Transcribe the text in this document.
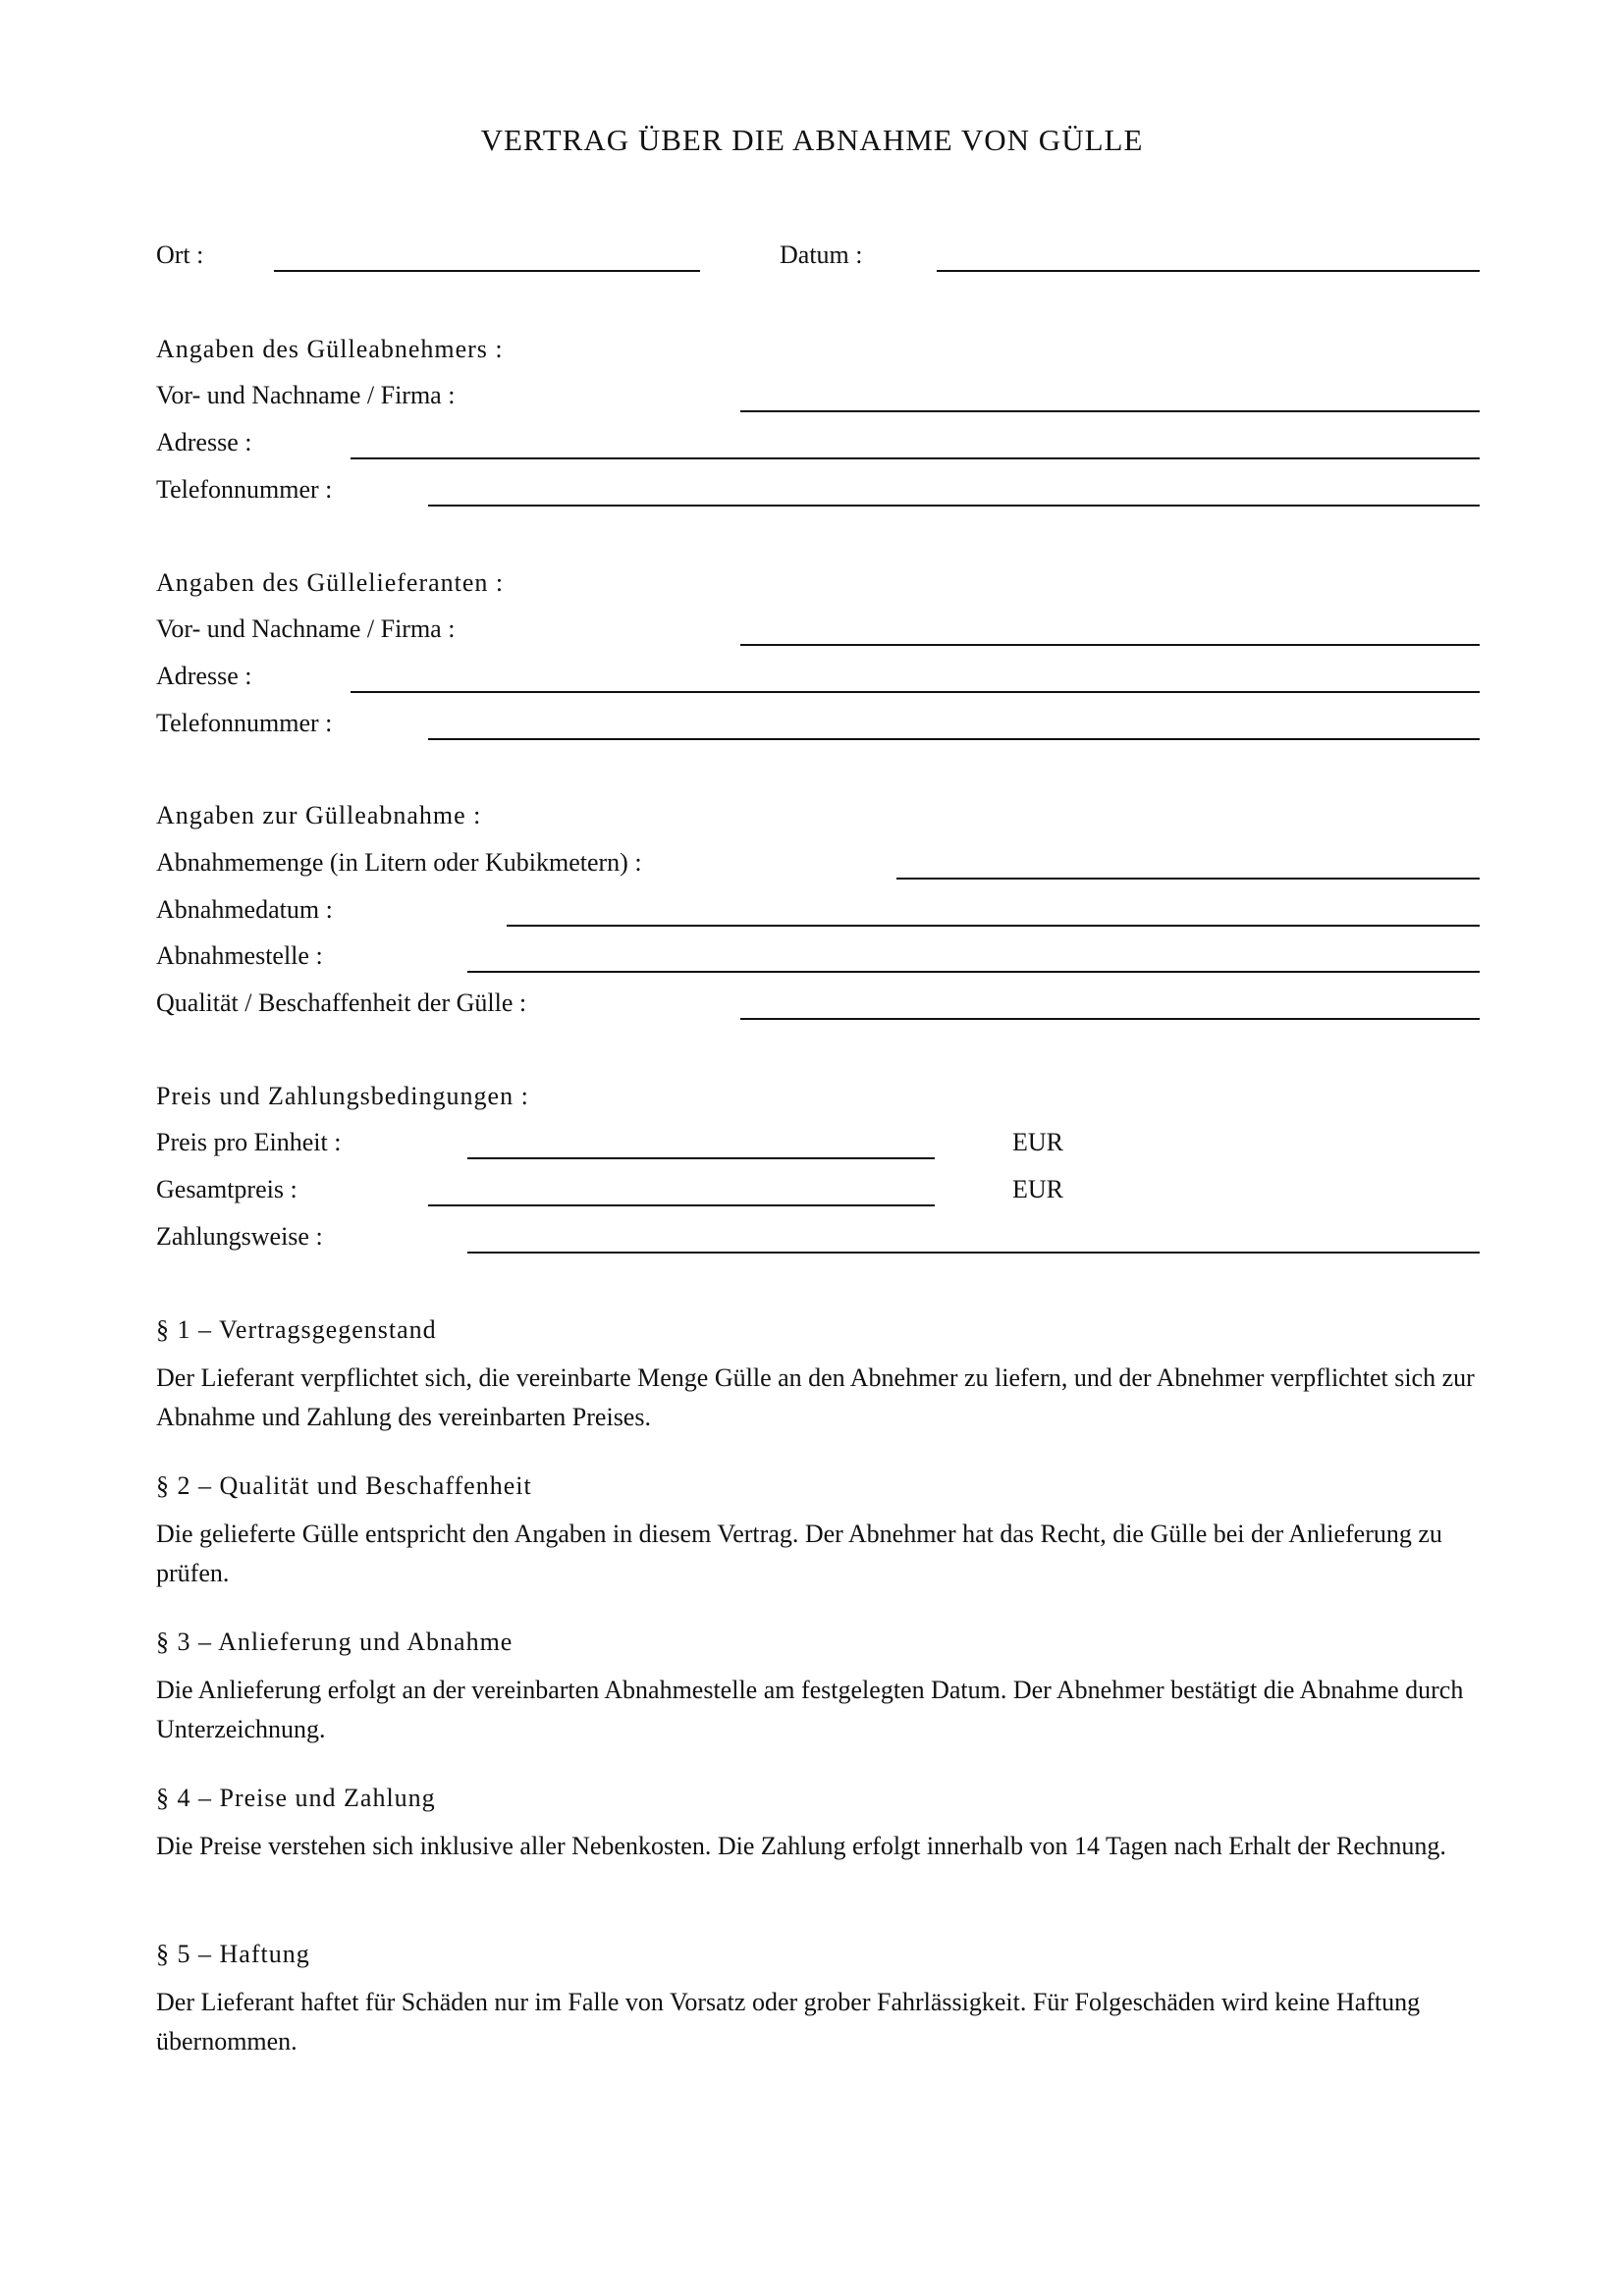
VERTRAG ÜBER DIE ABNAHME VON GÜLLE
Ort :	Datum :
Angaben des Gülleabnehmers :
Vor- und Nachname / Firma :
Adresse :
Telefonnummer :
Angaben des Güllelieferanten :
Vor- und Nachname / Firma :
Adresse :
Telefonnummer :
Angaben zur Gülleabnahme :
Abnahmemenge (in Litern oder Kubikmetern) :
Abnahmedatum :
Abnahmestelle :
Qualität / Beschaffenheit der Gülle :
Preis und Zahlungsbedingungen :
Preis pro Einheit :	EUR
Gesamtpreis :	EUR
Zahlungsweise :
§ 1 – Vertragsgegenstand
Der Lieferant verpflichtet sich, die vereinbarte Menge Gülle an den Abnehmer zu liefern, und der Abnehmer verpflichtet sich zur Abnahme und Zahlung des vereinbarten Preises.
§ 2 – Qualität und Beschaffenheit
Die gelieferte Gülle entspricht den Angaben in diesem Vertrag. Der Abnehmer hat das Recht, die Gülle bei der Anlieferung zu prüfen.
§ 3 – Anlieferung und Abnahme
Die Anlieferung erfolgt an der vereinbarten Abnahmestelle am festgelegten Datum. Der Abnehmer bestätigt die Abnahme durch Unterzeichnung.
§ 4 – Preise und Zahlung
Die Preise verstehen sich inklusive aller Nebenkosten. Die Zahlung erfolgt innerhalb von 14 Tagen nach Erhalt der Rechnung.
§ 5 – Haftung
Der Lieferant haftet für Schäden nur im Falle von Vorsatz oder grober Fahrlässigkeit. Für Folgeschäden wird keine Haftung übernommen.
